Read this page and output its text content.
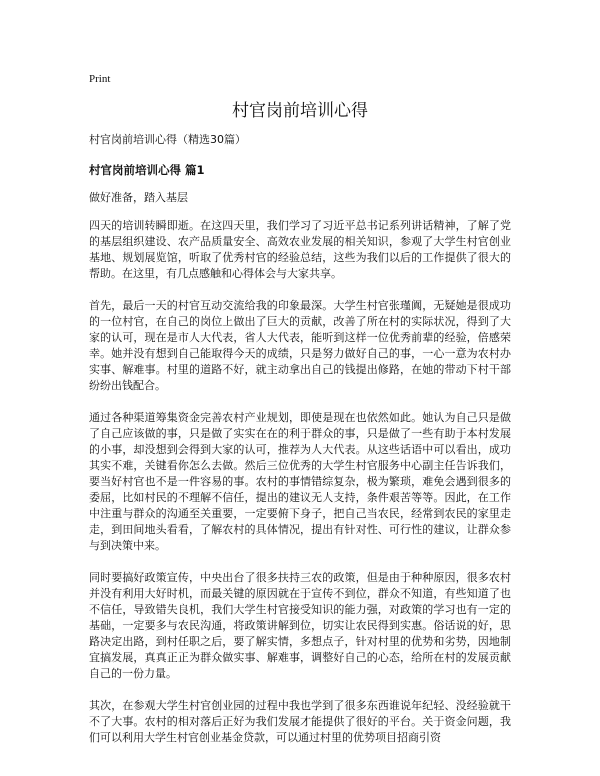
Print
村官岗前培训心得
村官岗前培训心得（精选30篇）
村官岗前培训心得 篇1
做好准备，踏入基层

四天的培训转瞬即逝。在这四天里，我们学习了习近平总书记系列讲话精神，了解了党的基层组织建设、农产品质量安全、高效农业发展的相关知识，参观了大学生村官创业基地、规划展览馆，听取了优秀村官的经验总结，这些为我们以后的工作提供了很大的帮助。在这里，有几点感触和心得体会与大家共享。

首先，最后一天的村官互动交流给我的印象最深。大学生村官张瑾阗，无疑她是很成功的一位村官，在自己的岗位上做出了巨大的贡献，改善了所在村的实际状况，得到了大家的认可，现在是市人大代表，省人大代表，能听到这样一位优秀前辈的经验，倍感荣幸。她并没有想到自己能取得今天的成绩，只是努力做好自己的事，一心一意为农村办实事、解难事。村里的道路不好，就主动拿出自己的钱提出修路，在她的带动下村干部纷纷出钱配合。

通过各种渠道筹集资金完善农村产业规划，即使是现在也依然如此。她认为自己只是做了自己应该做的事，只是做了实实在在的利于群众的事，只是做了一些有助于本村发展的小事，却没想到会得到大家的认可，推荐为人大代表。从这些话语中可以看出，成功其实不难，关键看你怎么去做。然后三位优秀的大学生村官服务中心副主任告诉我们，要当好村官也不是一件容易的事。农村的事情错综复杂，极为繁琐，难免会遇到很多的委屈，比如村民的不理解不信任，提出的建议无人支持，条件艰苦等等。因此，在工作中注重与群众的沟通至关重要，一定要俯下身子，把自己当农民，经常到农民的家里走走，到田间地头看看，了解农村的具体情况，提出有针对性、可行性的建议，让群众参与到决策中来。

同时要搞好政策宣传，中央出台了很多扶持三农的政策，但是由于种种原因，很多农村并没有利用大好时机，而最关键的原因就在于宣传不到位，群众不知道，有些知道了也不信任，导致错失良机，我们大学生村官接受知识的能力强，对政策的学习也有一定的基础，一定要多与农民沟通，将政策讲解到位，切实让农民得到实惠。俗话说的好，思路决定出路，到村任职之后，要了解实情，多想点子，针对村里的优势和劣势，因地制宜搞发展，真真正正为群众做实事、解难事，调整好自己的心态，给所在村的发展贡献自己的一份力量。

其次，在参观大学生村官创业园的过程中我也学到了很多东西谁说年纪轻、没经验就干不了大事。农村的相对落后正好为我们发展才能提供了很好的平台。关于资金问题，我们可以利用大学生村官创业基金贷款，可以通过村里的优势项目招商引资
